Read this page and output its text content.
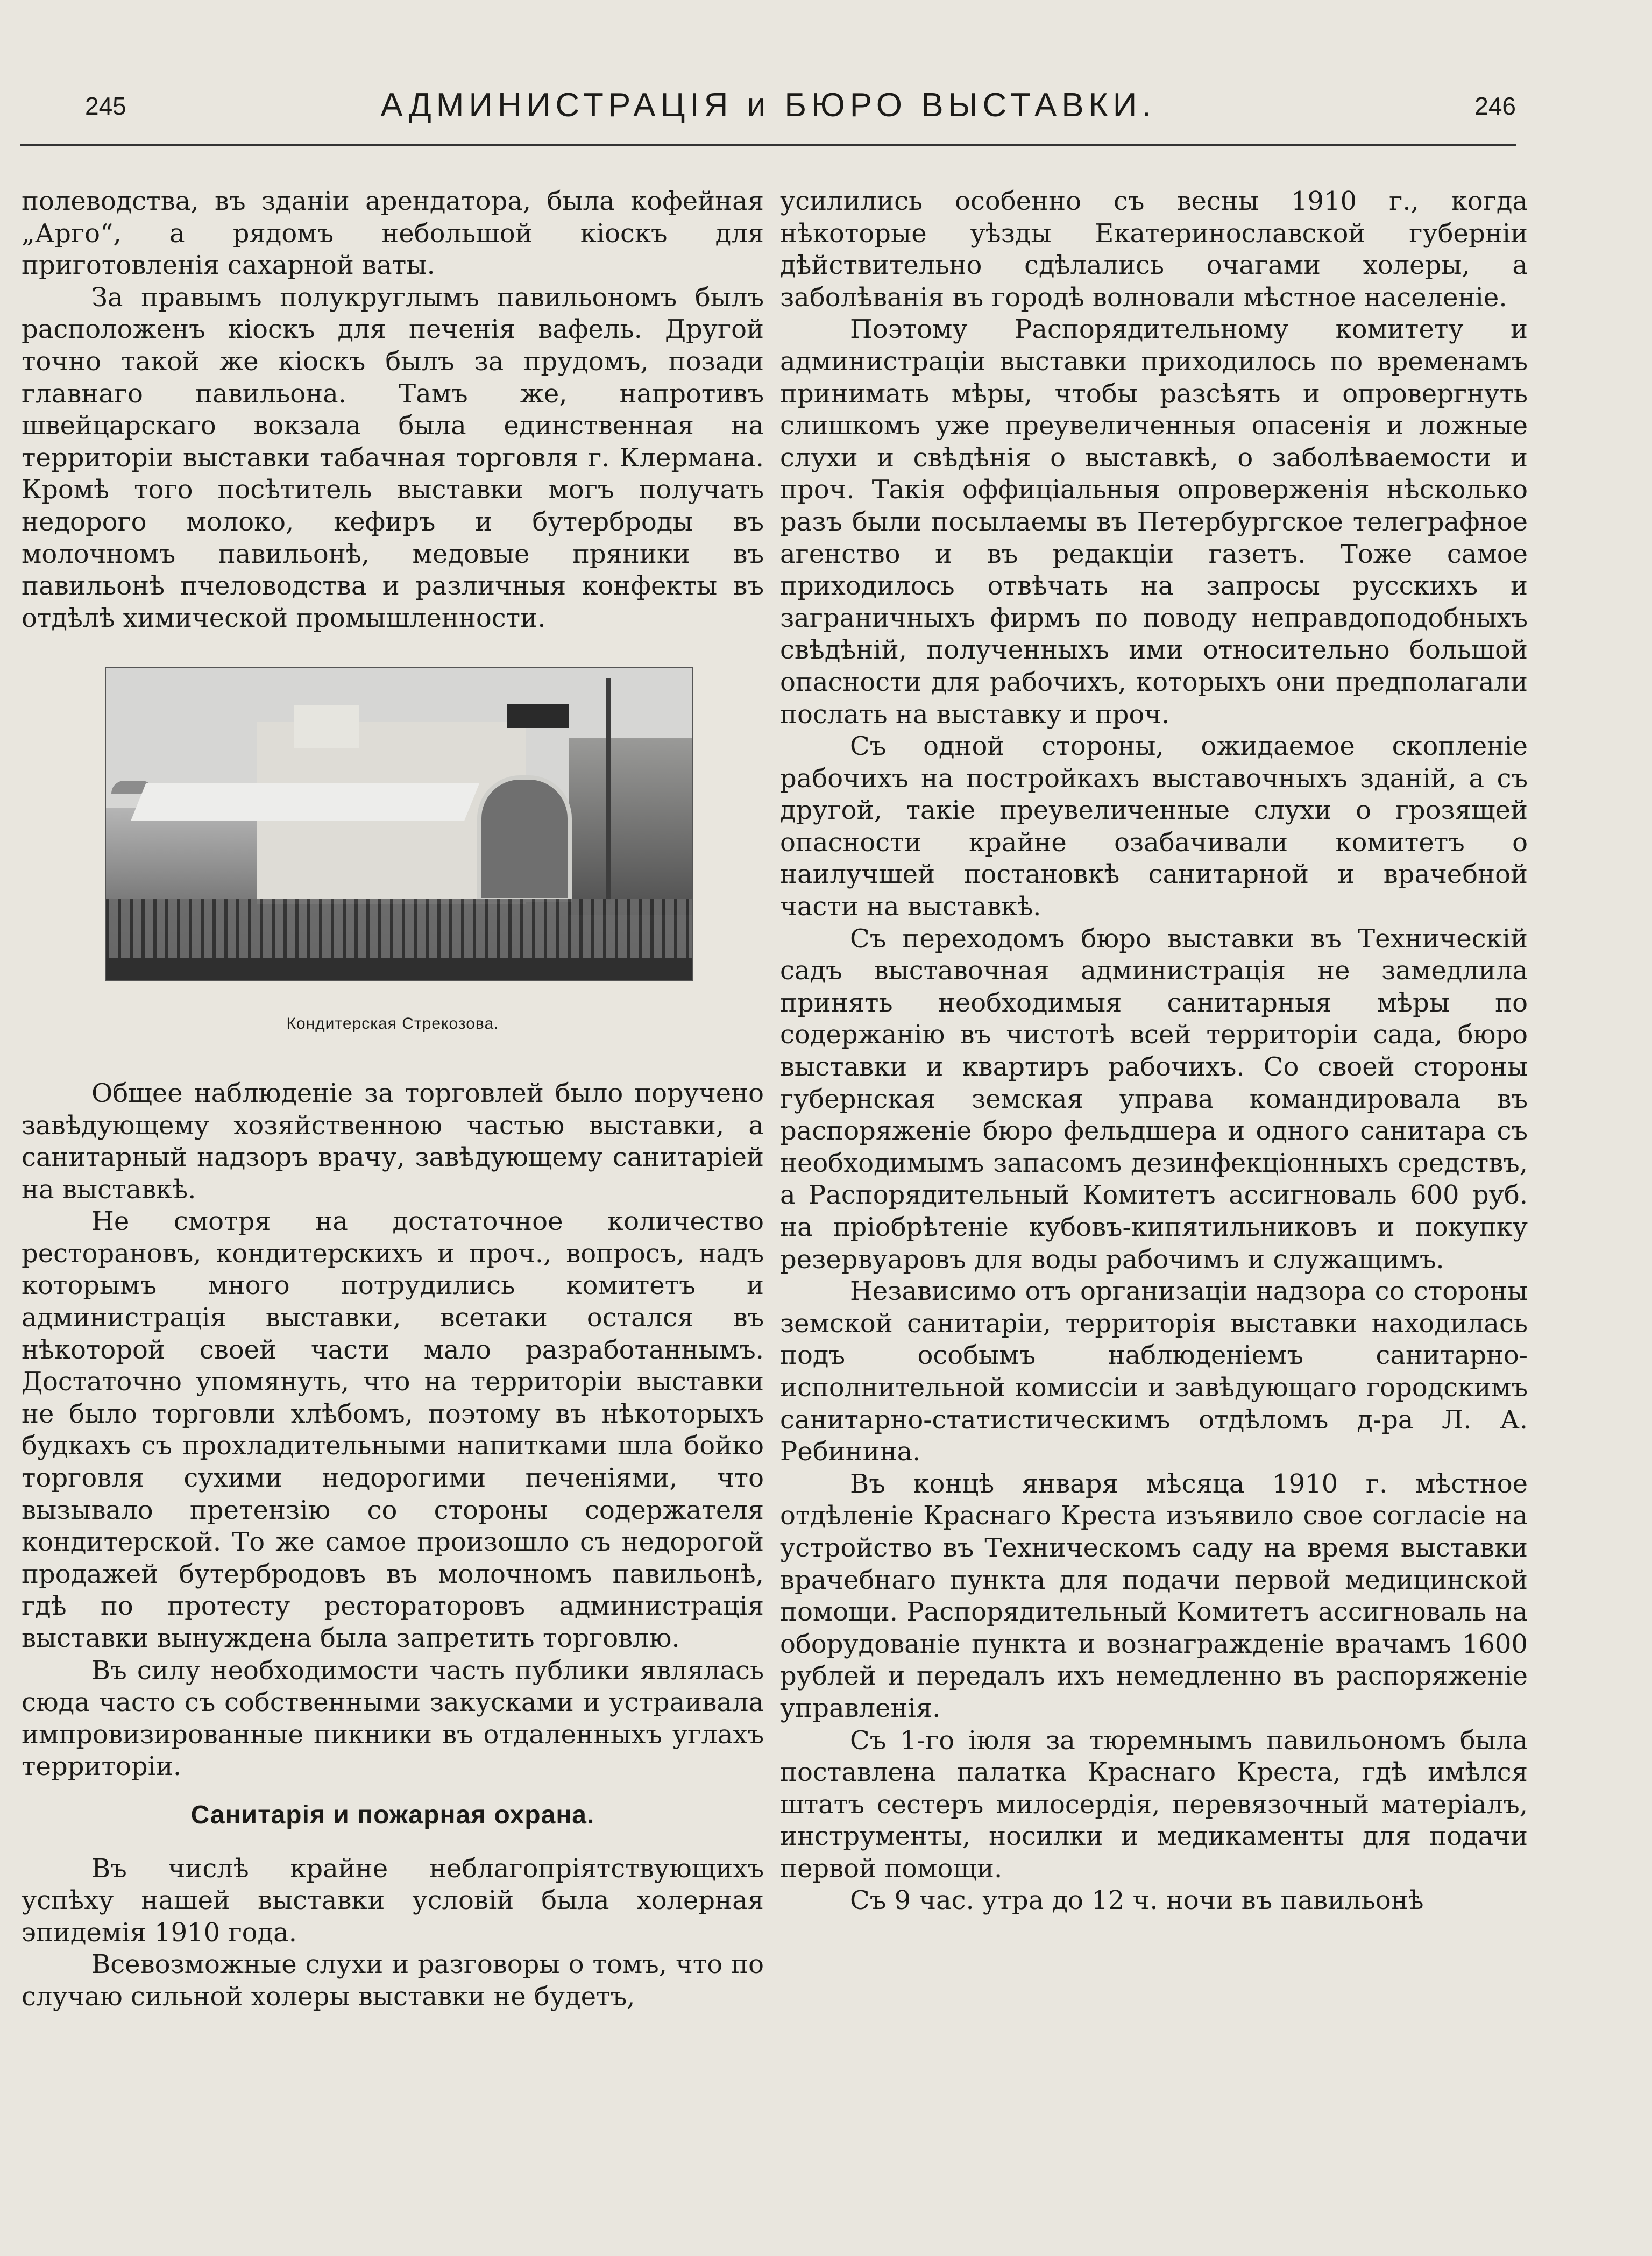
245	АДМИНИСТРАЦІЯ и БЮРО ВЫСТАВКИ.	246

полеводства, въ зданіи арендатора, была кофейная „Арго“, а рядомъ небольшой кіоскъ для приготовленія сахарной ваты.

За правымъ полукруглымъ павильономъ былъ расположенъ кіоскъ для печенія вафель. Другой точно такой же кіоскъ былъ за прудомъ, позади главнаго павильона. Тамъ же, напротивъ швейцарскаго вокзала была единственная на территоріи выставки табачная торговля г. Клермана. Кромѣ того посѣтитель выставки могъ получать недорого молоко, кефиръ и бутерброды въ молочномъ павильонѣ, медовые пряники въ павильонѣ пчеловодства и различныя конфекты въ отдѣлѣ химической промышленности.

Кондитерская Стрекозова.

Общее наблюденіе за торговлей было поручено завѣдующему хозяйственною частью выставки, а санитарный надзоръ врачу, завѣдующему санитаріей на выставкѣ.

Не смотря на достаточное количество ресторановъ, кондитерскихъ и проч., вопросъ, надъ которымъ много потрудились комитетъ и администрація выставки, всетаки остался въ нѣкоторой своей части мало разработаннымъ. Достаточно упомянуть, что на территоріи выставки не было торговли хлѣбомъ, поэтому въ нѣкоторыхъ будкахъ съ прохладительными напитками шла бойко торговля сухими недорогими печеніями, что вызывало претензію со стороны содержателя кондитерской. То же самое произошло съ недорогой продажей бутербродовъ въ молочномъ павильонѣ, гдѣ по протесту рестораторовъ администрація выставки вынуждена была запретить торговлю.

Въ силу необходимости часть публики являлась сюда часто съ собственными закусками и устраивала импровизированные пикники въ отдаленныхъ углахъ территоріи.

Санитарія и пожарная охрана.

Въ числѣ крайне неблагопріятствующихъ успѣху нашей выставки условій была холерная эпидемія 1910 года.

Всевозможные слухи и разговоры о томъ, что по случаю сильной холеры выставки не будетъ,

усилились особенно съ весны 1910 г., когда нѣкоторые уѣзды Екатеринославской губерніи дѣйствительно сдѣлались очагами холеры, а заболѣванія въ городѣ волновали мѣстное населеніе.

Поэтому Распорядительному комитету и администраціи выставки приходилось по временамъ принимать мѣры, чтобы разсѣять и опровергнуть слишкомъ уже преувеличенныя опасенія и ложные слухи и свѣдѣнія о выставкѣ, о заболѣваемости и проч. Такія оффиціальныя опроверженія нѣсколько разъ были посылаемы въ Петербургское телеграфное агенство и въ редакціи газетъ. Тоже самое приходилось отвѣчать на запросы русскихъ и заграничныхъ фирмъ по поводу неправдоподобныхъ свѣдѣній, полученныхъ ими относительно большой опасности для рабочихъ, которыхъ они предполагали послать на выставку и проч.

Съ одной стороны, ожидаемое скопленіе рабочихъ на постройкахъ выставочныхъ зданій, а съ другой, такіе преувеличенные слухи о грозящей опасности крайне озабачивали комитетъ о наилучшей постановкѣ санитарной и врачебной части на выставкѣ.

Съ переходомъ бюро выставки въ Техническій садъ выставочная администрація не замедлила принять необходимыя санитарныя мѣры по содержанію въ чистотѣ всей территоріи сада, бюро выставки и квартиръ рабочихъ. Со своей стороны губернская земская управа командировала въ распоряженіе бюро фельдшера и одного санитара съ необходимымъ запасомъ дезинфекціонныхъ средствъ, а Распорядительный Комитетъ ассигноваль 600 руб. на пріобрѣтеніе кубовъ-кипятильниковъ и покупку резервуаровъ для воды рабочимъ и служащимъ.

Независимо отъ организаціи надзора со стороны земской санитаріи, территорія выставки находилась подъ особымъ наблюденіемъ санитарно-исполнительной комиссіи и завѣдующаго городскимъ санитарно-статистическимъ отдѣломъ д-ра Л. А. Ребинина.

Въ концѣ января мѣсяца 1910 г. мѣстное отдѣленіе Краснаго Креста изъявило свое согласіе на устройство въ Техническомъ саду на время выставки врачебнаго пункта для подачи первой медицинской помощи. Распорядительный Комитетъ ассигноваль на оборудованіе пункта и вознагражденіе врачамъ 1600 рублей и передалъ ихъ немедленно въ распоряженіе управленія.

Съ 1-го іюля за тюремнымъ павильономъ была поставлена палатка Краснаго Креста, гдѣ имѣлся штатъ сестеръ милосердія, перевязочный матеріалъ, инструменты, носилки и медикаменты для подачи первой помощи.

Съ 9 час. утра до 12 ч. ночи въ павильонѣ
